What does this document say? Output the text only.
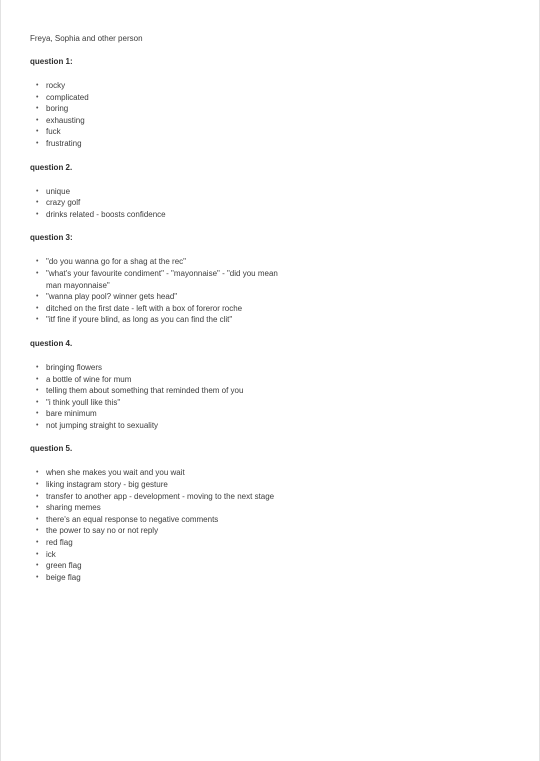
Freya, Sophia and other person
question 1:
• rocky
• complicated
• boring
• exhausting
• fuck
• frustrating
question 2.
• unique
• crazy golf
• drinks related - boosts confidence
question 3:
• "do you wanna go for a shag at the rec"
• "what's your favourite condiment" - "mayonnaise" - "did you mean man mayonnaise"
• "wanna play pool? winner gets head"
• ditched on the first date - left with a box of foreror roche
• "itf fine if youre blind, as long as you can find the clit"
question 4.
• bringing flowers
• a bottle of wine for mum
• telling them about something that reminded them of you
• "i think youll like this"
• bare minimum
• not jumping straight to sexuality
question 5.
• when she makes you wait and you wait
• liking instagram story - big gesture
• transfer to another app - development - moving to the next stage
• sharing memes
• there's an equal response to negative comments
• the power to say no or not reply
• red flag
• ick
• green flag
• beige flag
